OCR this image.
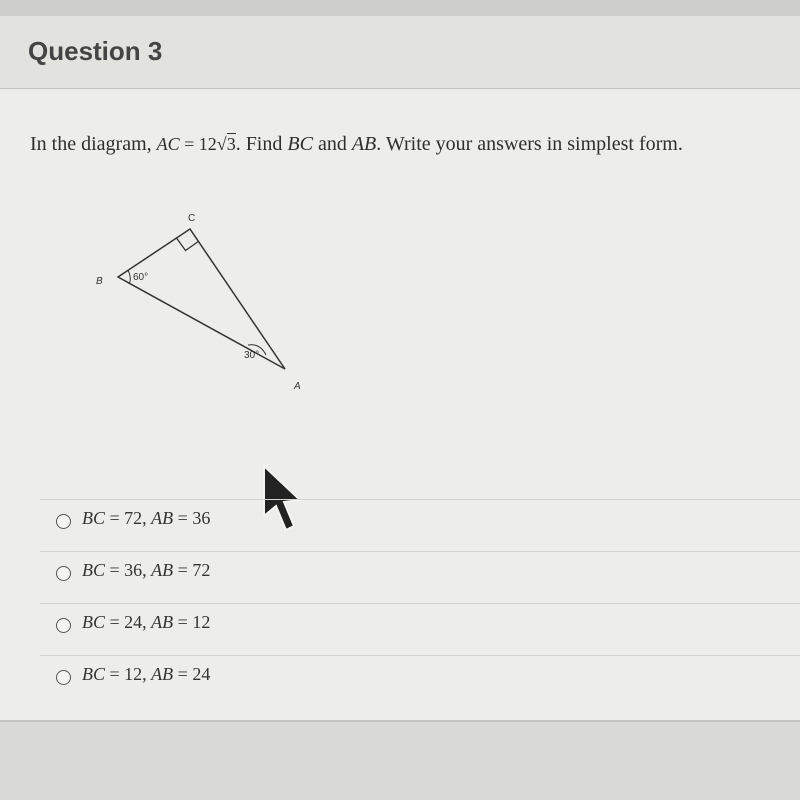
Question 3
In the diagram, AC = 12√3. Find BC and AB. Write your answers in simplest form.
C
B
A
60°
30°
BC = 72, AB = 36
BC = 36, AB = 72
BC = 24, AB = 12
BC = 12, AB = 24
